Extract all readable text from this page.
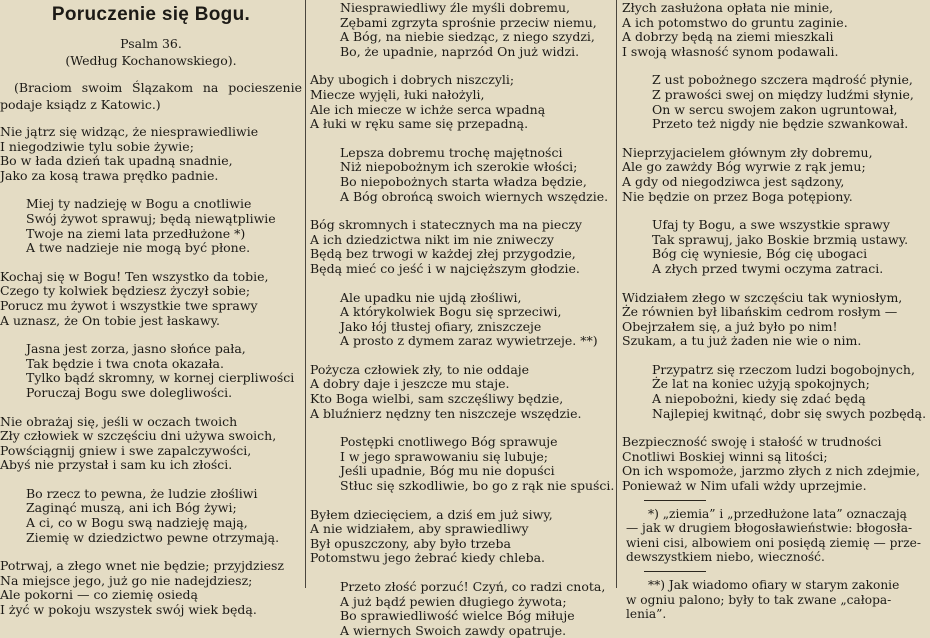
Poruczenie się Bogu.
Psalm 36.
(Według Kochanowskiego).
(Braciom swoim Ślązakom na pocieszenie podaje ksiądz z Katowic.)
Nie jątrz się widząc, że niesprawiedliwie
I niegodziwie tylu sobie żywie;
Bo w łada dzień tak upadną snadnie,
Jako za kosą trawa prędko padnie.
Miej ty nadzieję w Bogu a cnotliwie
Swój żywot sprawuj; będą niewątpliwie
Twoje na ziemi lata przedłużone *)
A twe nadzieje nie mogą być płone.
Kochaj się w Bogu! Ten wszystko da tobie,
Czego ty kolwiek będziesz życzył sobie;
Porucz mu żywot i wszystkie twe sprawy
A uznasz, że On tobie jest łaskawy.
Jasna jest zorza, jasno słońce pała,
Tak będzie i twa cnota okazała.
Tylko bądź skromny, w kornej cierpliwości
Poruczaj Bogu swe dolegliwości.
Nie obrażaj się, jeśli w oczach twoich
Zły człowiek w szczęściu dni używa swoich,
Powściągnij gniew i swe zapalczywości,
Abyś nie przystał i sam ku ich złości.
Bo rzecz to pewna, że ludzie złośliwi
Zaginąć muszą, ani ich Bóg żywi;
A ci, co w Bogu swą nadzieję mają,
Ziemię w dziedzictwo pewne otrzymają.
Potrwaj, a złego wnet nie będzie; przyjdziesz
Na miejsce jego, już go nie nadejdziesz;
Ale pokorni — co ziemię osiedą
I żyć w pokoju wszystek swój wiek będą.
Niesprawiedliwy źle myśli dobremu,
Zębami zgrzyta sprośnie przeciw niemu,
A Bóg, na niebie siedząc, z niego szydzi,
Bo, że upadnie, naprzód On już widzi.
Aby ubogich i dobrych niszczyli;
Miecze wyjęli, łuki nałożyli,
Ale ich miecze w ichże serca wpadną
A łuki w ręku same się przepadną.
Lepsza dobremu trochę majętności
Niż niepobożnym ich szerokie włości;
Bo niepobożnych starta władza będzie,
A Bóg obrońcą swoich wiernych wszędzie.
Bóg skromnych i statecznych ma na pieczy
A ich dziedzictwa nikt im nie zniweczy
Będą bez trwogi w każdej złej przygodzie,
Będą mieć co jeść i w najcięższym głodzie.
Ale upadku nie ujdą złośliwi,
A którykolwiek Bogu się sprzeciwi,
Jako łój tłustej ofiary, zniszczeje
A prosto z dymem zaraz wywietrzeje. **)
Pożycza człowiek zły, to nie oddaje
A dobry daje i jeszcze mu staje.
Kto Boga wielbi, sam szczęśliwy będzie,
A bluźnierz nędzny ten niszczeje wszędzie.
Postępki cnotliwego Bóg sprawuje
I w jego sprawowaniu się lubuje;
Jeśli upadnie, Bóg mu nie dopuści
Stłuc się szkodliwie, bo go z rąk nie spuści.
Byłem dziecięciem, a dziś em już siwy,
A nie widziałem, aby sprawiedliwy
Był opuszczony, aby było trzeba
Potomstwu jego żebrać kiedy chleba.
Przeto złość porzuć! Czyń, co radzi cnota,
A już bądź pewien długiego żywota;
Bo sprawiedliwość wielce Bóg miłuje
A wiernych Swoich zawdy opatruje.
Złych zasłużona opłata nie minie,
A ich potomstwo do gruntu zaginie.
A dobrzy będą na ziemi mieszkali
I swoją własność synom podawali.
Z ust pobożnego szczera mądrość płynie,
Z prawości swej on między ludźmi słynie,
On w sercu swojem zakon ugruntował,
Przeto też nigdy nie będzie szwankował.
Nieprzyjacielem głównym zły dobremu,
Ale go zawżdy Bóg wyrwie z rąk jemu;
A gdy od niegodziwca jest sądzony,
Nie będzie on przez Boga potępiony.
Ufaj ty Bogu, a swe wszystkie sprawy
Tak sprawuj, jako Boskie brzmią ustawy.
Bóg cię wyniesie, Bóg cię ubogaci
A złych przed twymi oczyma zatraci.
Widziałem złego w szczęściu tak wyniosłym,
Że równien był libańskim cedrom rosłym —
Obejrzałem się, a już było po nim!
Szukam, a tu już żaden nie wie o nim.
Przypatrz się rzeczom ludzi bogobojnych,
Że lat na koniec użyją spokojnych;
A niepobożni, kiedy się zdać będą
Najlepiej kwitnąć, dobr się swych pozbędą.
Bezpieczność swoję i stałość w trudności
Cnotliwi Boskiej winni są litości;
On ich wspomoże, jarzmo złych z nich zdejmie,
Ponieważ w Nim ufali wżdy uprzejmie.
*) „ziemia” i „przedłużone lata” oznaczają
— jak w drugiem błogosławieństwie: błogosła-
wieni cisi, albowiem oni posiędą ziemię — prze-
dewszystkiem niebo, wieczność.
**) Jak wiadomo ofiary w starym zakonie
w ogniu palono; były to tak zwane „całopa-
lenia”.
